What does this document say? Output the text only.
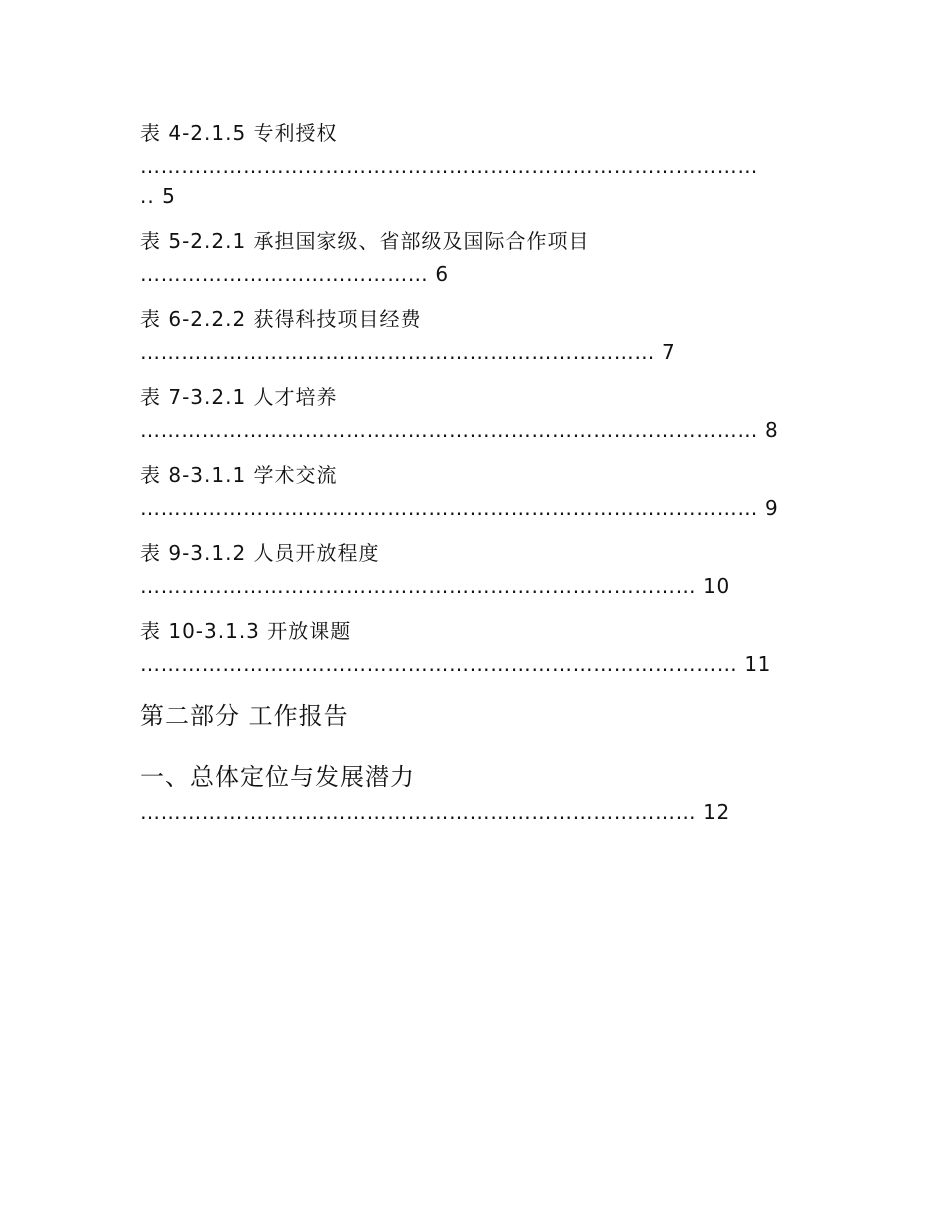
表 4-2.1.5 专利授权
………………………………………………………………………………
.. 5
表 5-2.2.1 承担国家级、省部级及国际合作项目
…………………………………… 6
表 6-2.2.2 获得科技项目经费
………………………………………………………………… 7
表 7-3.2.1 人才培养
……………………………………………………………………………… 8
表 8-3.1.1 学术交流
……………………………………………………………………………… 9
表 9-3.1.2 人员开放程度
……………………………………………………………………… 10
表 10-3.1.3 开放课题
…………………………………………………………………………… 11
第二部分 工作报告
一、总体定位与发展潜力
……………………………………………………………………… 12
